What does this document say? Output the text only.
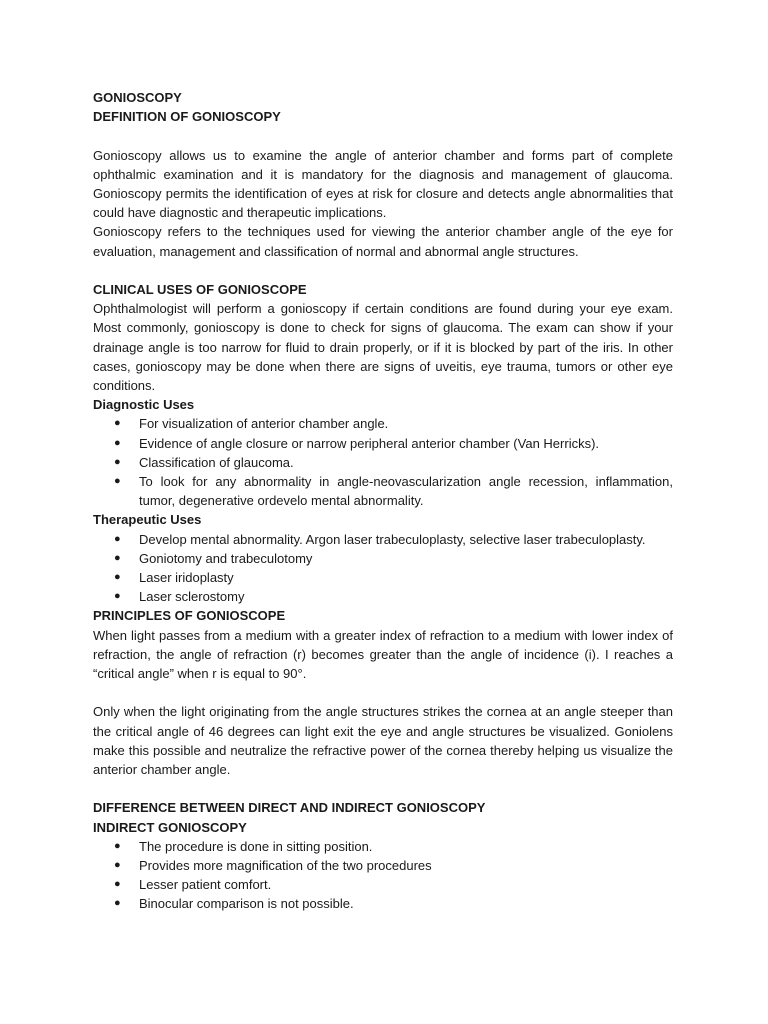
GONIOSCOPY
DEFINITION OF GONIOSCOPY

Gonioscopy allows us to examine the angle of anterior chamber and forms part of complete ophthalmic examination and it is mandatory for the diagnosis and management of glaucoma. Gonioscopy permits the identification of eyes at risk for closure and detects angle abnormalities that could have diagnostic and therapeutic implications.

Gonioscopy refers to the techniques used for viewing the anterior chamber angle of the eye for evaluation, management and classification of normal and abnormal angle structures.

CLINICAL USES OF GONIOSCOPE

Ophthalmologist will perform a gonioscopy if certain conditions are found during your eye exam. Most commonly, gonioscopy is done to check for signs of glaucoma. The exam can show if your drainage angle is too narrow for fluid to drain properly, or if it is blocked by part of the iris. In other cases, gonioscopy may be done when there are signs of uveitis, eye trauma, tumors or other eye conditions.

Diagnostic Uses
● For visualization of anterior chamber angle.
● Evidence of angle closure or narrow peripheral anterior chamber (Van Herricks).
● Classification of glaucoma.
● To look for any abnormality in angle-neovascularization angle recession, inflammation, tumor, degenerative ordevelo mental abnormality.
Therapeutic Uses
● Develop mental abnormality. Argon laser trabeculoplasty, selective laser trabeculoplasty.
● Goniotomy and trabeculotomy
● Laser iridoplasty
● Laser sclerostomy
PRINCIPLES OF GONIOSCOPE

When light passes from a medium with a greater index of refraction to a medium with lower index of refraction, the angle of refraction (r) becomes greater than the angle of incidence (i). I reaches a “critical angle” when r is equal to 90°.

Only when the light originating from the angle structures strikes the cornea at an angle steeper than the critical angle of 46 degrees can light exit the eye and angle structures be visualized. Goniolens make this possible and neutralize the refractive power of the cornea thereby helping us visualize the anterior chamber angle.

DIFFERENCE BETWEEN DIRECT AND INDIRECT GONIOSCOPY
INDIRECT GONIOSCOPY
● The procedure is done in sitting position.
● Provides more magnification of the two procedures
● Lesser patient comfort.
● Binocular comparison is not possible.
